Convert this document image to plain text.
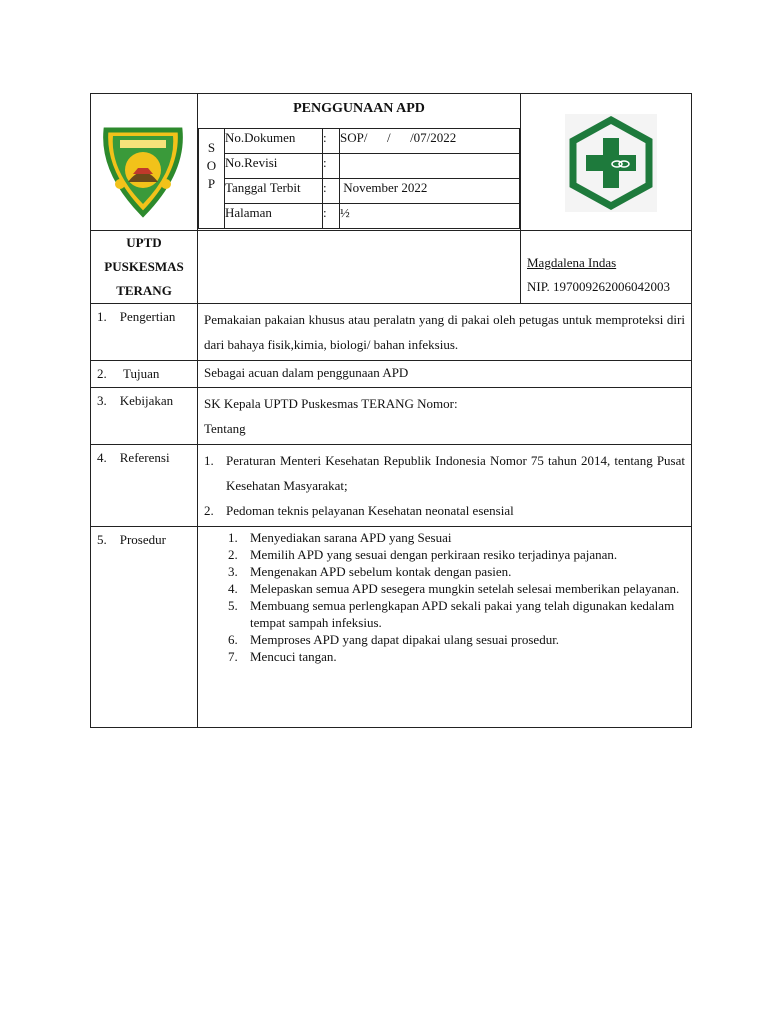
PENGGUNAAN APD
S
O
P
	No.Dokumen	:	SOP/      /      /07/2022
No.Revisi	:	
Tanggal Terbit	:	November 2022
Halaman	:	½

UPTD
PUSKESMAS
TERANG

Magdalena Indas
NIP. 197009262006042003

1. Pengertian	Pemakaian pakaian khusus atau peralatn yang di pakai oleh petugas untuk memproteksi diri dari bahaya fisik,kimia, biologi/ bahan infeksius.
2. Tujuan	Sebagai acuan dalam penggunaan APD
3. Kebijakan	SK Kepala UPTD Puskesmas TERANG Nomor:
Tentang

4. Referensi	1. Peraturan Menteri Kesehatan Republik Indonesia Nomor 75 tahun 2014, tentang Pusat Kesehatan Masyarakat;
2. Pedoman teknis pelayanan Kesehatan neonatal esensial

5. Prosedur	1. Menyediakan sarana APD yang Sesuai
2. Memilih APD yang sesuai dengan perkiraan resiko terjadinya pajanan.
3. Mengenakan APD sebelum kontak dengan pasien.
4. Melepaskan semua APD sesegera mungkin setelah selesai memberikan pelayanan.
5. Membuang semua perlengkapan APD sekali pakai yang telah digunakan kedalam tempat sampah infeksius.
6. Memproses APD yang dapat dipakai ulang sesuai prosedur.
7. Mencuci tangan.
